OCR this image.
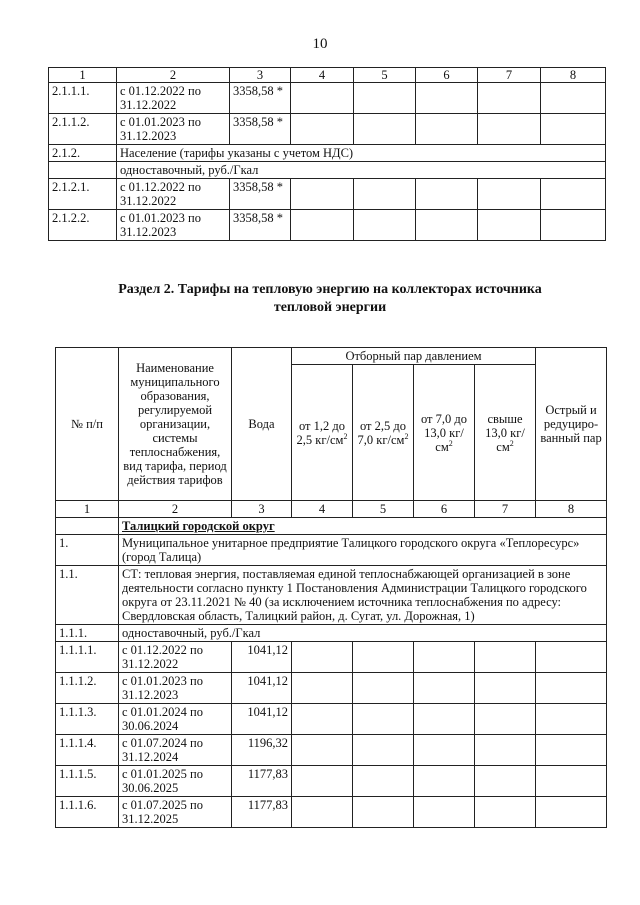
10
1	2	3	4	5	6	7	8
2.1.1.1.	с 01.12.2022 по 31.12.2022	3358,58 *					
2.1.1.2.	с 01.01.2023 по 31.12.2023	3358,58 *					
2.1.2.	Население (тарифы указаны с учетом НДС)						
	одноставочный, руб./Гкал						
2.1.2.1.	с 01.12.2022 по 31.12.2022	3358,58 *					
2.1.2.2.	с 01.01.2023 по 31.12.2023	3358,58 *					
Раздел 2. Тарифы на тепловую энергию на коллекторах источника
тепловой энергии
№ п/п	Наименование муниципального образования, регулируемой организации, системы теплоснабжения, вид тарифа, период действия тарифов	Вода	Отборный пар давлением				Острый и редуциро-ванный пар
			от 1,2 до 2,5 $кг/см^2$	от 2,5 до 7,0 $кг/см^2$	от 7,0 до 13,0 $кг/см^2$	свыше 13,0 $кг/см^2$
1	2	3	4	5	6	7	8
	Талицкий городской округ						
1.	Муниципальное унитарное предприятие Талицкого городского округа «Теплоресурс» (город Талица)						
1.1.	СТ: тепловая энергия, поставляемая единой теплоснабжающей организацией в зоне деятельности согласно пункту 1 Постановления Администрации Талицкого городского округа от 23.11.2021 № 40 (за исключением источника теплоснабжения по адресу: Свердловская область, Талицкий район, д. Сугат, ул. Дорожная, 1)						
1.1.1.	одноставочный, руб./Гкал						
1.1.1.1.	с 01.12.2022 по 31.12.2022	1041,12					
1.1.1.2.	с 01.01.2023 по 31.12.2023	1041,12					
1.1.1.3.	с 01.01.2024 по 30.06.2024	1041,12					
1.1.1.4.	с 01.07.2024 по 31.12.2024	1196,32					
1.1.1.5.	с 01.01.2025 по 30.06.2025	1177,83					
1.1.1.6.	с 01.07.2025 по 31.12.2025	1177,83					
